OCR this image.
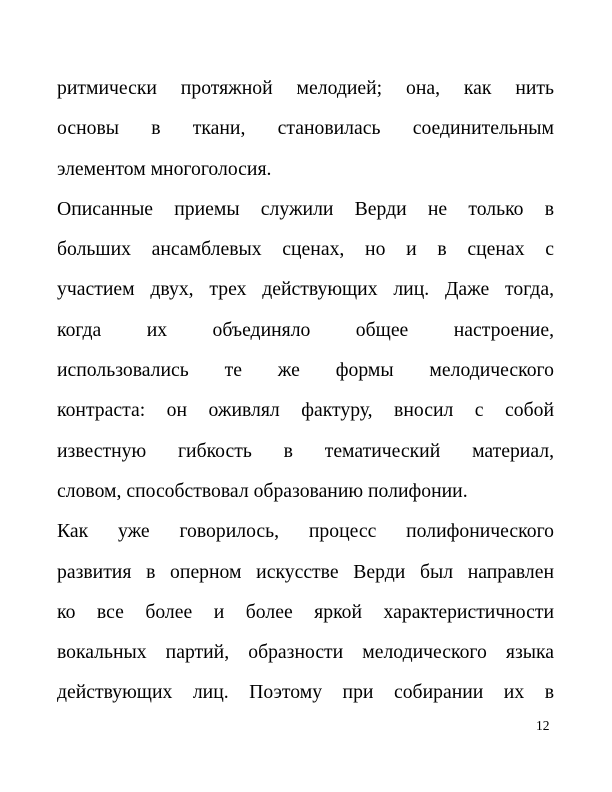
ритмически протяжной мелодией; она, как нить
основы в ткани, становилась соединительным
элементом многоголосия.
Описанные приемы служили Верди не только в
больших ансамблевых сценах, но и в сценах с
участием двух, трех действующих лиц. Даже тогда,
когда их объединяло общее настроение,
использовались те же формы мелодического
контраста: он оживлял фактуру, вносил с собой
известную гибкость в тематический материал,
словом, способствовал образованию полифонии.
Как уже говорилось, процесс полифонического
развития в оперном искусстве Верди был направлен
ко все более и более яркой характеристичности
вокальных партий, образности мелодического языка
действующих лиц. Поэтому при собирании их в
12
